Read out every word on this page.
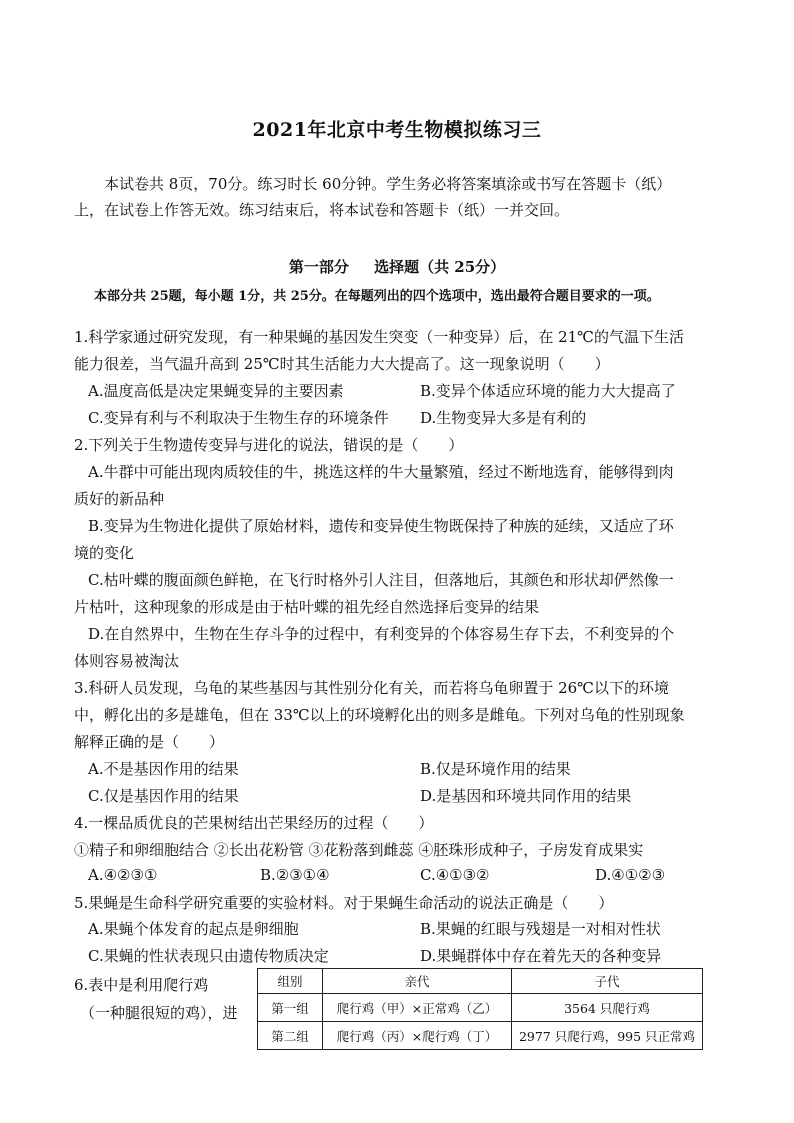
2021年北京中考生物模拟练习三
本试卷共 8页，70分。练习时长 60分钟。学生务必将答案填涂或书写在答题卡（纸）
上，在试卷上作答无效。练习结束后，将本试卷和答题卡（纸）一并交回。
第一部分 选择题（共 25分）
本部分共 25题，每小题 1分，共 25分。在每题列出的四个选项中，选出最符合题目要求的一项。
1.科学家通过研究发现，有一种果蝇的基因发生突变（一种变异）后，在 21℃的气温下生活
能力很差，当气温升高到 25℃时其生活能力大大提高了。这一现象说明（　　）
A.温度高低是决定果蝇变异的主要因素	B.变异个体适应环境的能力大大提高了
C.变异有利与不利取决于生物生存的环境条件 D.生物变异大多是有利的
2.下列关于生物遗传变异与进化的说法，错误的是（　　）
A.牛群中可能出现肉质较佳的牛，挑选这样的牛大量繁殖，经过不断地选育，能够得到肉
质好的新品种
B.变异为生物进化提供了原始材料，遗传和变异使生物既保持了种族的延续，又适应了环
境的变化
C.枯叶蝶的腹面颜色鲜艳，在飞行时格外引人注目，但落地后，其颜色和形状却俨然像一
片枯叶，这种现象的形成是由于枯叶蝶的祖先经自然选择后变异的结果
D.在自然界中，生物在生存斗争的过程中，有利变异的个体容易生存下去，不利变异的个
体则容易被淘汰
3.科研人员发现，乌龟的某些基因与其性别分化有关，而若将乌龟卵置于 26℃以下的环境
中，孵化出的多是雄龟，但在 33℃以上的环境孵化出的则多是雌龟。下列对乌龟的性别现象
解释正确的是（　　）
A.不是基因作用的结果	B.仅是环境作用的结果
C.仅是基因作用的结果	D.是基因和环境共同作用的结果
4.一棵品质优良的芒果树结出芒果经历的过程（　　）
①精子和卵细胞结合 ②长出花粉管 ③花粉落到雌蕊 ④胚珠形成种子，子房发育成果实
A.④②③①	B.②③①④	C.④①③②	D.④①②③
5.果蝇是生命科学研究重要的实验材料。对于果蝇生命活动的说法正确是（　　）
A.果蝇个体发育的起点是卵细胞	B.果蝇的红眼与残翅是一对相对性状
C.果蝇的性状表现只由遗传物质决定	D.果蝇群体中存在着先天的各种变异
6.表中是利用爬行鸡
（一种腿很短的鸡），进
组别	亲代	子代
第一组	爬行鸡（甲）×正常鸡（乙）	3564 只爬行鸡
第二组	爬行鸡（丙）×爬行鸡（丁）	2977 只爬行鸡，995 只正常鸡
